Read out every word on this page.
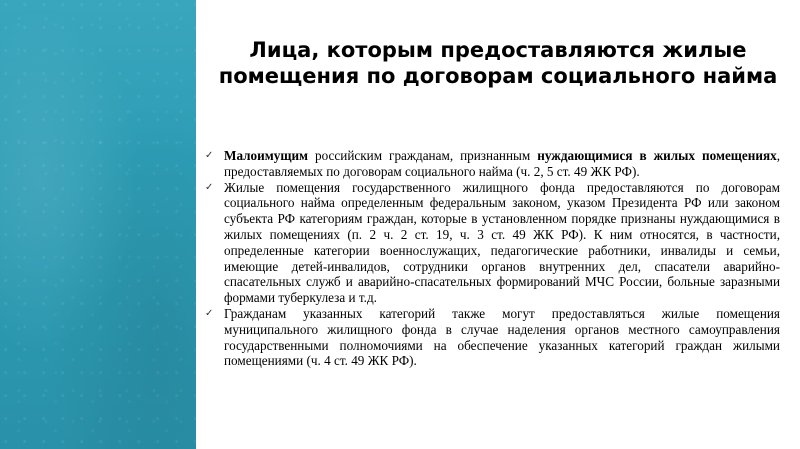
Лица, которым предоставляются жилые
помещения по договорам социального найма

✓ Малоимущим российским гражданам, признанным нуждающимися в жилых помещениях, предоставляемых по договорам социального найма (ч. 2, 5 ст. 49 ЖК РФ).

✓ Жилые помещения государственного жилищного фонда предоставляются по договорам социального найма определенным федеральным законом, указом Президента РФ или законом субъекта РФ категориям граждан, которые в установленном порядке признаны нуждающимися в жилых помещениях (п. 2 ч. 2 ст. 19, ч. 3 ст. 49 ЖК РФ). К ним относятся, в частности, определенные категории военнослужащих, педагогические работники, инвалиды и семьи, имеющие детей-инвалидов, сотрудники органов внутренних дел, спасатели аварийно-спасательных служб и аварийно-спасательных формирований МЧС России, больные заразными формами туберкулеза и т.д.

✓ Гражданам указанных категорий также могут предоставляться жилые помещения муниципального жилищного фонда в случае наделения органов местного самоуправления государственными полномочиями на обеспечение указанных категорий граждан жилыми помещениями (ч. 4 ст. 49 ЖК РФ).
